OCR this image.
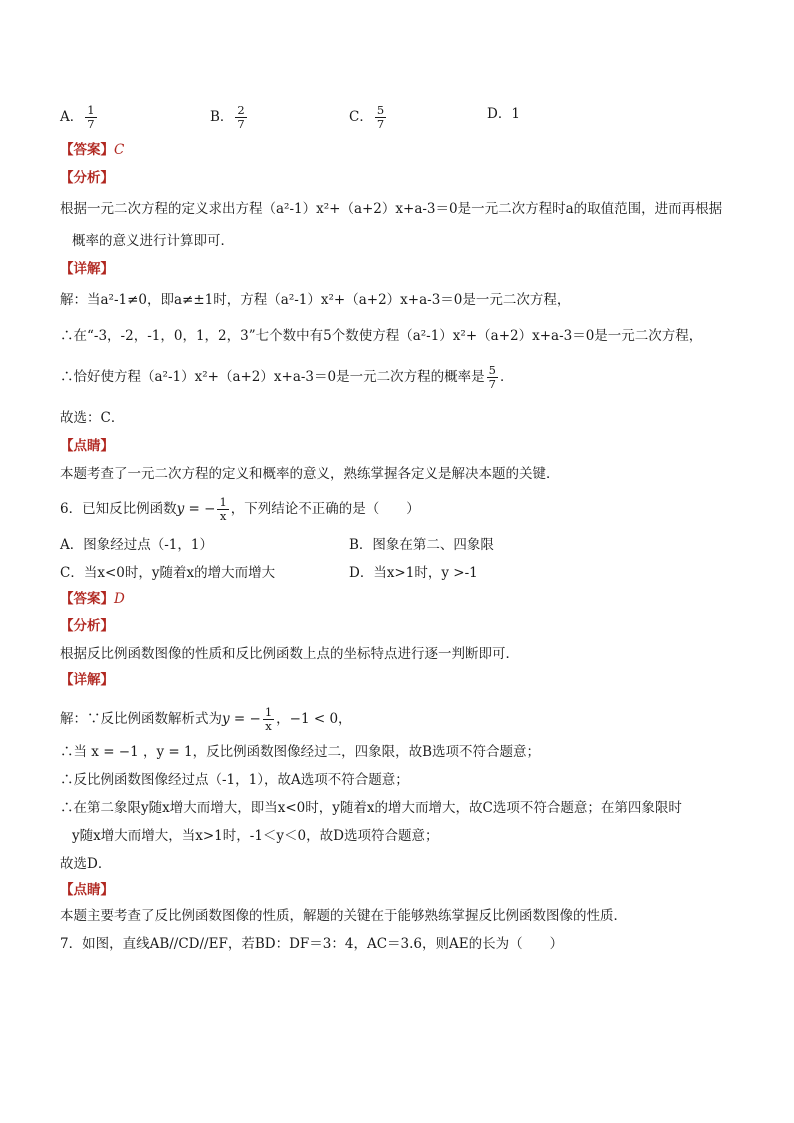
A． $\frac{1}{7}$	B． $\frac{2}{7}$	C． $\frac{5}{7}$	D．1
【答案】C
【分析】
根据一元二次方程的定义求出方程（a²-1）x²+（a+2）x+a-3＝0是一元二次方程时a的取值范围，进而再根据
概率的意义进行计算即可．
【详解】
解：当a²-1≠0，即a≠±1时，方程（a²-1）x²+（a+2）x+a-3＝0是一元二次方程，
∴在“-3，-2，-1，0，1，2，3”七个数中有5个数使方程（a²-1）x²+（a+2）x+a-3＝0是一元二次方程，
∴恰好使方程（a²-1）x²+（a+2）x+a-3＝0是一元二次方程的概率是 $\frac{5}{7}$ ．
故选：C．
【点睛】
本题考查了一元二次方程的定义和概率的意义，熟练掌握各定义是解决本题的关键．
6．已知反比例函数y = − $\frac{1}{x}$ ，下列结论不正确的是（　　）
A．图象经过点（-1，1）	B．图象在第二、四象限
C．当x<0时，y随着x的增大而增大	D．当x>1时，y >-1
【答案】D
【分析】
根据反比例函数图像的性质和反比例函数上点的坐标特点进行逐一判断即可．
【详解】
解：∵反比例函数解析式为y = − $\frac{1}{x}$ ，−1 < 0，
∴当 x = −1 ，y = 1，反比例函数图像经过二，四象限，故B选项不符合题意；
∴反比例函数图像经过点（-1，1），故A选项不符合题意；
∴在第二象限y随x增大而增大，即当x<0时，y随着x的增大而增大，故C选项不符合题意；在第四象限时
y随x增大而增大，当x>1时，-1＜y＜0，故D选项符合题意；
故选D．
【点睛】
本题主要考查了反比例函数图像的性质，解题的关键在于能够熟练掌握反比例函数图像的性质．
7．如图，直线AB//CD//EF，若BD：DF＝3：4，AC＝3.6，则AE的长为（　　）
